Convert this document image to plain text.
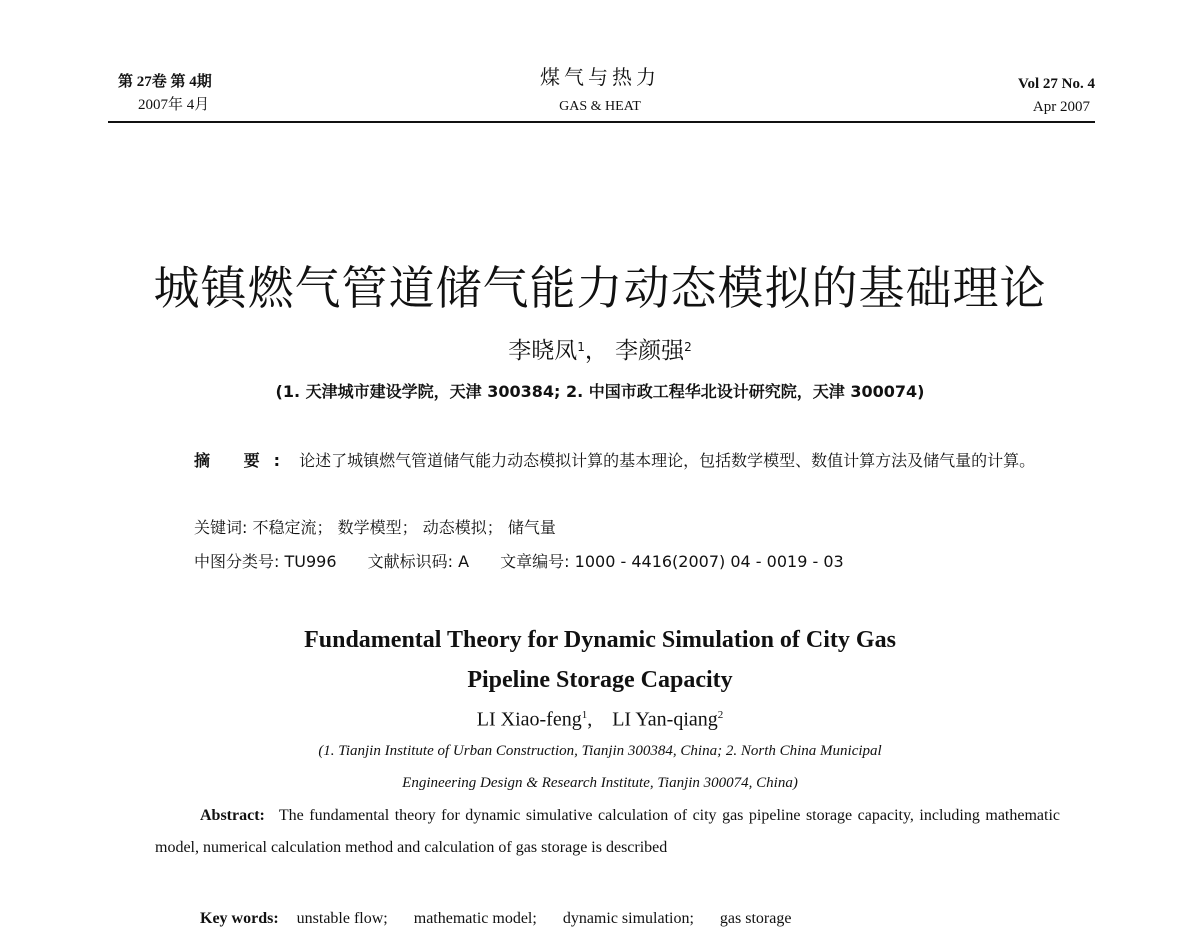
第 27卷 第 4期
2007年 4月
煤气与热力
GAS & HEAT
Vol 27 No. 4
Apr 2007
城镇燃气管道储气能力动态模拟的基础理论
李晓凤$^1$， 李颜强$^2$
(1. 天津城市建设学院，天津 300384; 2. 中国市政工程华北设计研究院，天津 300074)
摘 要: 论述了城镇燃气管道储气能力动态模拟计算的基本理论，包括数学模型、数值计算方法及储气量的计算。
关键词: 不稳定流； 数学模型； 动态模拟； 储气量
中图分类号: TU996 文献标识码: A 文章编号: 1000 - 4416(2007) 04 - 0019 - 03
Fundamental Theory for Dynamic Simulation of City Gas
Pipeline Storage Capacity
LI Xiao-feng$^1$, LI Yan-qiang$^2$
(1. Tianjin Institute of Urban Construction, Tianjin 300384, China; 2. North China Municipal
Engineering Design & Research Institute, Tianjin 300074, China)
Abstract: The fundamental theory for dynamic simulative calculation of city gas pipeline storage capacity, including mathematic model, numerical calculation method and calculation of gas storage is described
Key words: unstable flow; mathematic model; dynamic simulation; gas storage
